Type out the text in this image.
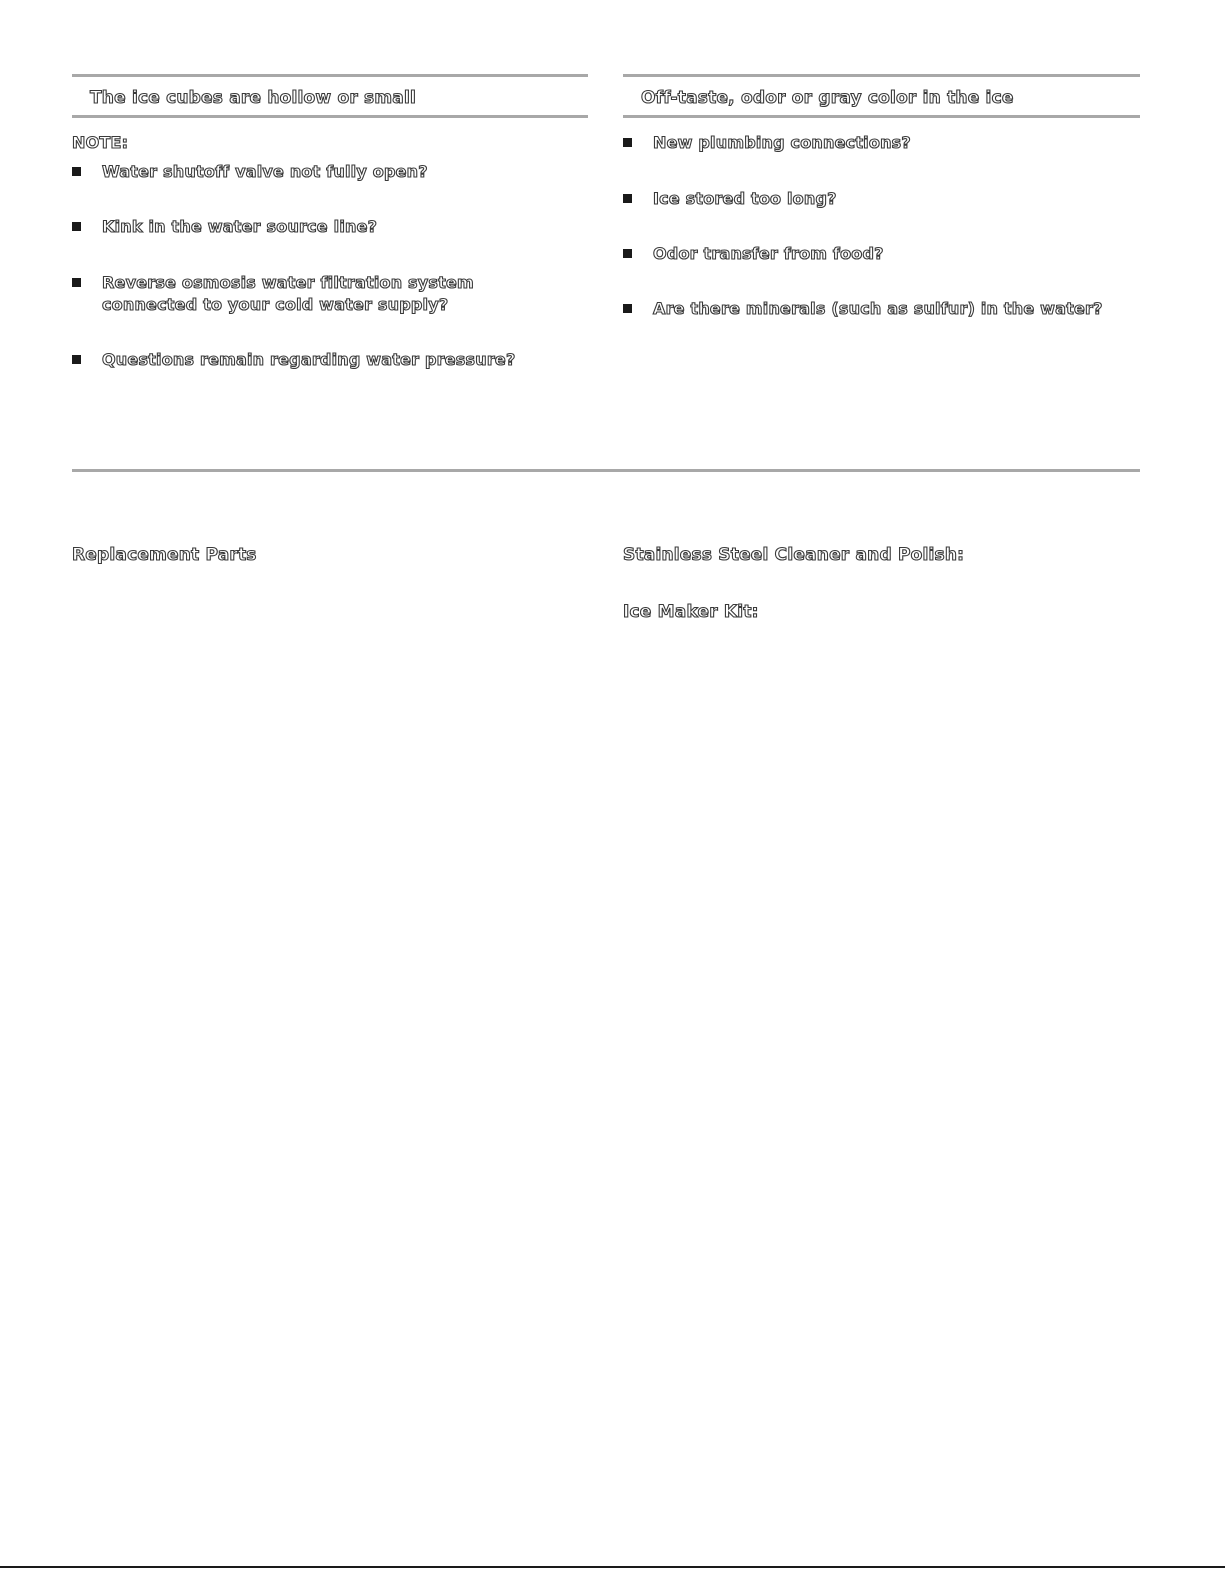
The ice cubes are hollow or small
NOTE:
Water shutoff valve not fully open?
Kink in the water source line?
Reverse osmosis water filtration system connected to your cold water supply?
Questions remain regarding water pressure?
Off-taste, odor or gray color in the ice
New plumbing connections?
Ice stored too long?
Odor transfer from food?
Are there minerals (such as sulfur) in the water?
Replacement Parts	Stainless Steel Cleaner and Polish:
Ice Maker Kit:
